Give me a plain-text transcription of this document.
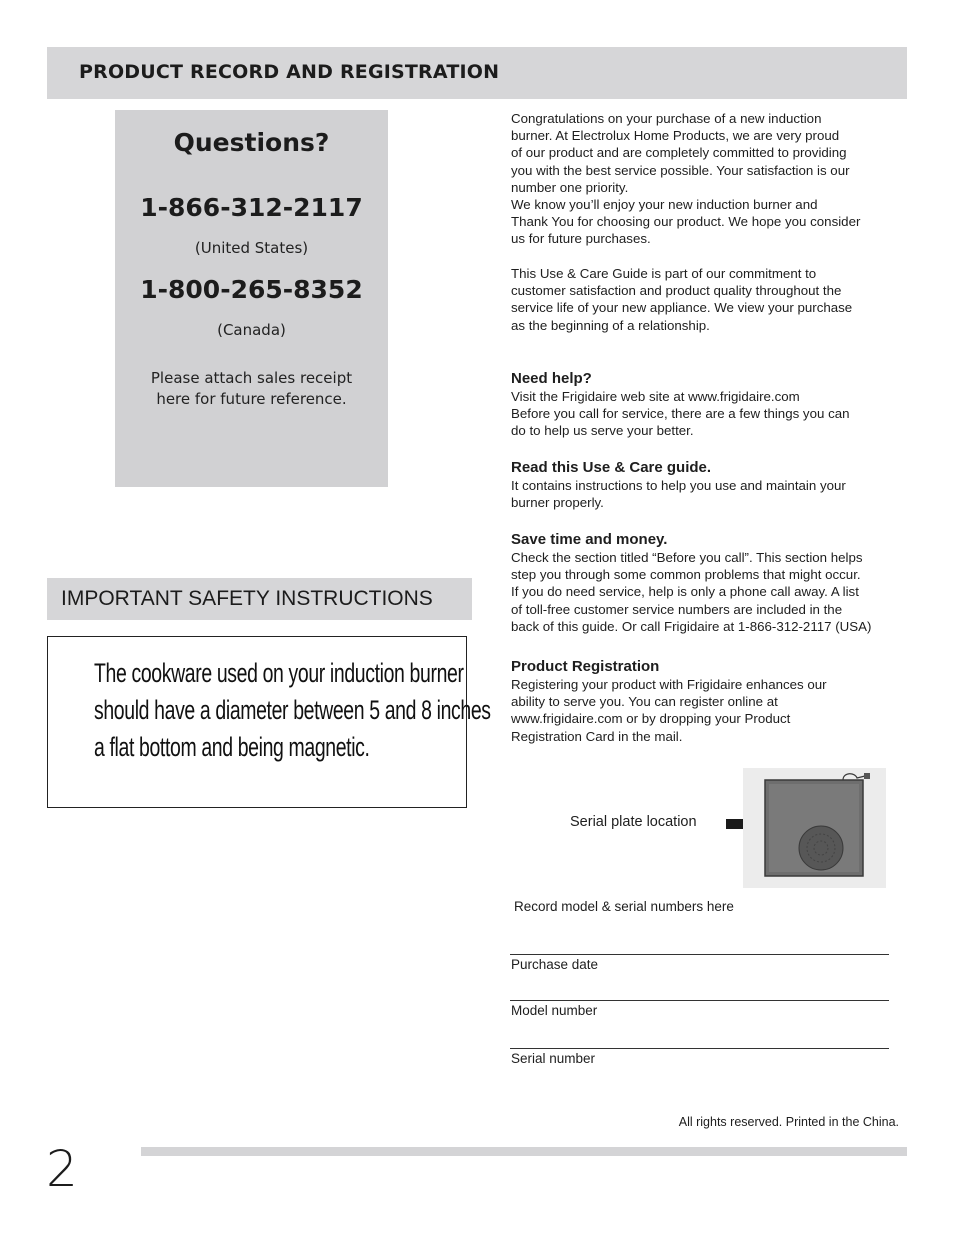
PRODUCT RECORD AND REGISTRATION
Questions?
1-866-312-2117
(United States)
1-800-265-8352
(Canada)
Please attach sales receipt
here for future reference.
IMPORTANT SAFETY INSTRUCTIONS
The cookware used on your induction burner
should have a diameter between 5 and 8 inches
a flat bottom and being magnetic.
Congratulations on your purchase of a new induction
burner. At Electrolux Home Products, we are very proud
of our product and are completely committed to providing
you with the best service possible. Your satisfaction is our
number one priority.
We know you’ll enjoy your new induction burner and
Thank You for choosing our product. We hope you consider
us for future purchases.
This Use & Care Guide is part of our commitment to
customer satisfaction and product quality throughout the
service life of your new appliance. We view your purchase
as the beginning of a relationship.
Need help?
Visit the Frigidaire web site at www.frigidaire.com
Before you call for service, there are a few things you can
do to help us serve your better.
Read this Use & Care guide.
It contains instructions to help you use and maintain your
burner properly.
Save time and money.
Check the section titled “Before you call”. This section helps
step you through some common problems that might occur.
If you do need service, help is only a phone call away. A list
of toll-free customer service numbers are included in the
back of this guide. Or call Frigidaire at 1-866-312-2117 (USA)
Product Registration
Registering your product with Frigidaire enhances our
ability to serve you. You can register online at
www.frigidaire.com or by dropping your Product
Registration Card in the mail.
Serial plate location
Record model & serial numbers here
Purchase date
Model number
Serial number
All rights reserved. Printed in the China.
2
